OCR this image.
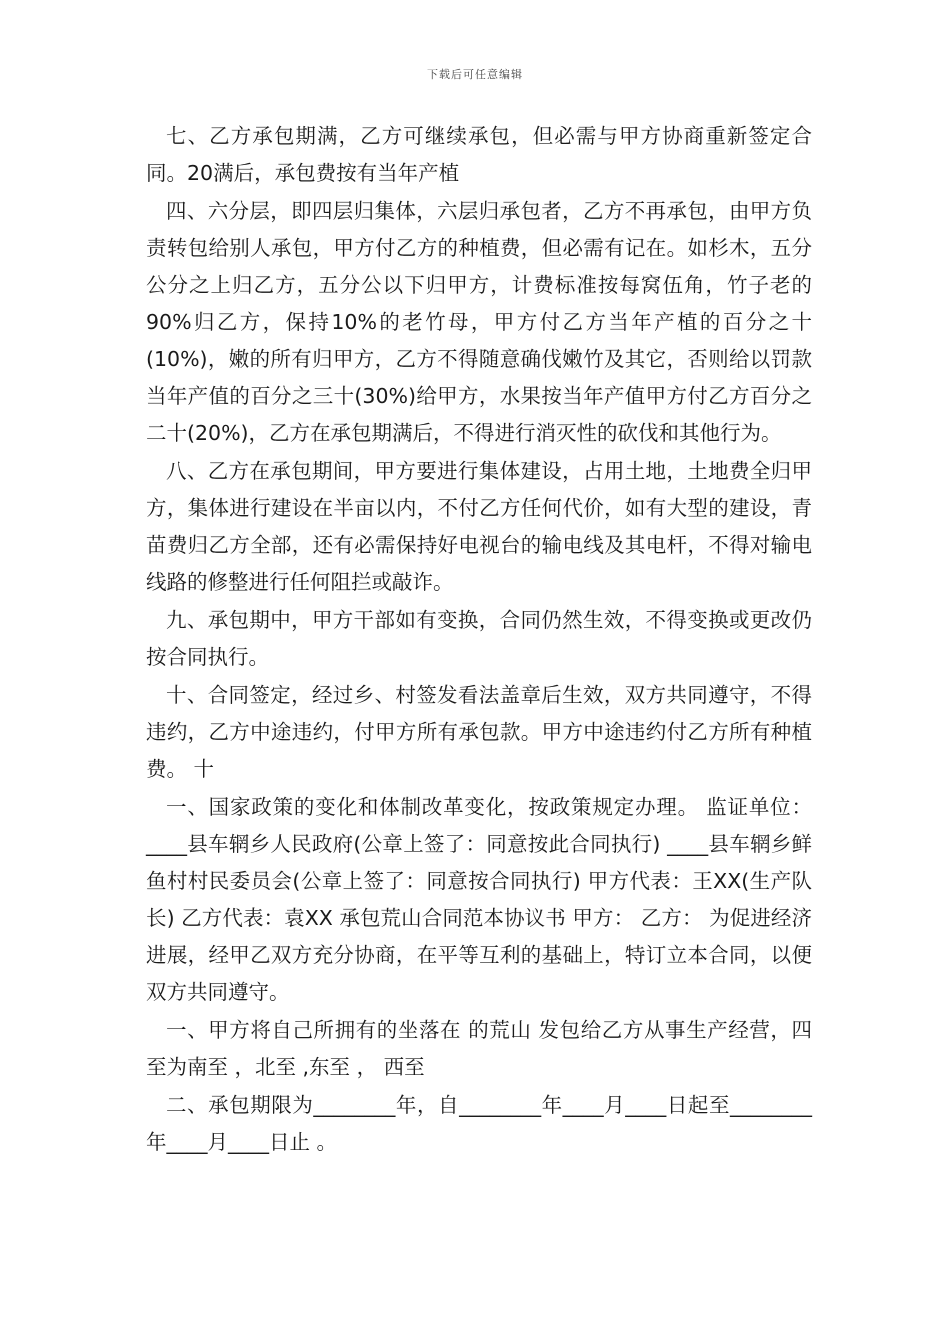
下载后可任意编辑

七、乙方承包期满，乙方可继续承包，但必需与甲方协商重新签定合同。20满后，承包费按有当年产植

四、六分层，即四层归集体，六层归承包者，乙方不再承包，由甲方负责转包给别人承包，甲方付乙方的种植费，但必需有记在。如杉木，五分公分之上归乙方，五分公以下归甲方，计费标准按每窝伍角，竹子老的90%归乙方，保持10%的老竹母，甲方付乙方当年产植的百分之十(10%)，嫩的所有归甲方，乙方不得随意确伐嫩竹及其它，否则给以罚款当年产值的百分之三十(30%)给甲方，水果按当年产值甲方付乙方百分之二十(20%)，乙方在承包期满后，不得进行消灭性的砍伐和其他行为。

八、乙方在承包期间，甲方要进行集体建设，占用土地，土地费全归甲方，集体进行建设在半亩以内，不付乙方任何代价，如有大型的建设，青苗费归乙方全部，还有必需保持好电视台的输电线及其电杆，不得对输电线路的修整进行任何阻拦或敲诈。

九、承包期中，甲方干部如有变换，合同仍然生效，不得变换或更改仍按合同执行。

十、合同签定，经过乡、村签发看法盖章后生效，双方共同遵守，不得违约，乙方中途违约，付甲方所有承包款。甲方中途违约付乙方所有种植费。 十

一、国家政策的变化和体制改革变化，按政策规定办理。 监证单位： ____县车辋乡人民政府(公章上签了：同意按此合同执行) ____县车辋乡鲜鱼村村民委员会(公章上签了：同意按合同执行) 甲方代表：王XX(生产队长) 乙方代表：袁XX 承包荒山合同范本协议书 甲方： 乙方： 为促进经济进展，经甲乙双方充分协商，在平等互利的基础上，特订立本合同，以便双方共同遵守。

一、甲方将自己所拥有的坐落在 的荒山 发包给乙方从事生产经营，四至为南至 ，北至 ,东至 ， 西至

二、承包期限为________年，自________年____月____日起至________年____月____日止 。
